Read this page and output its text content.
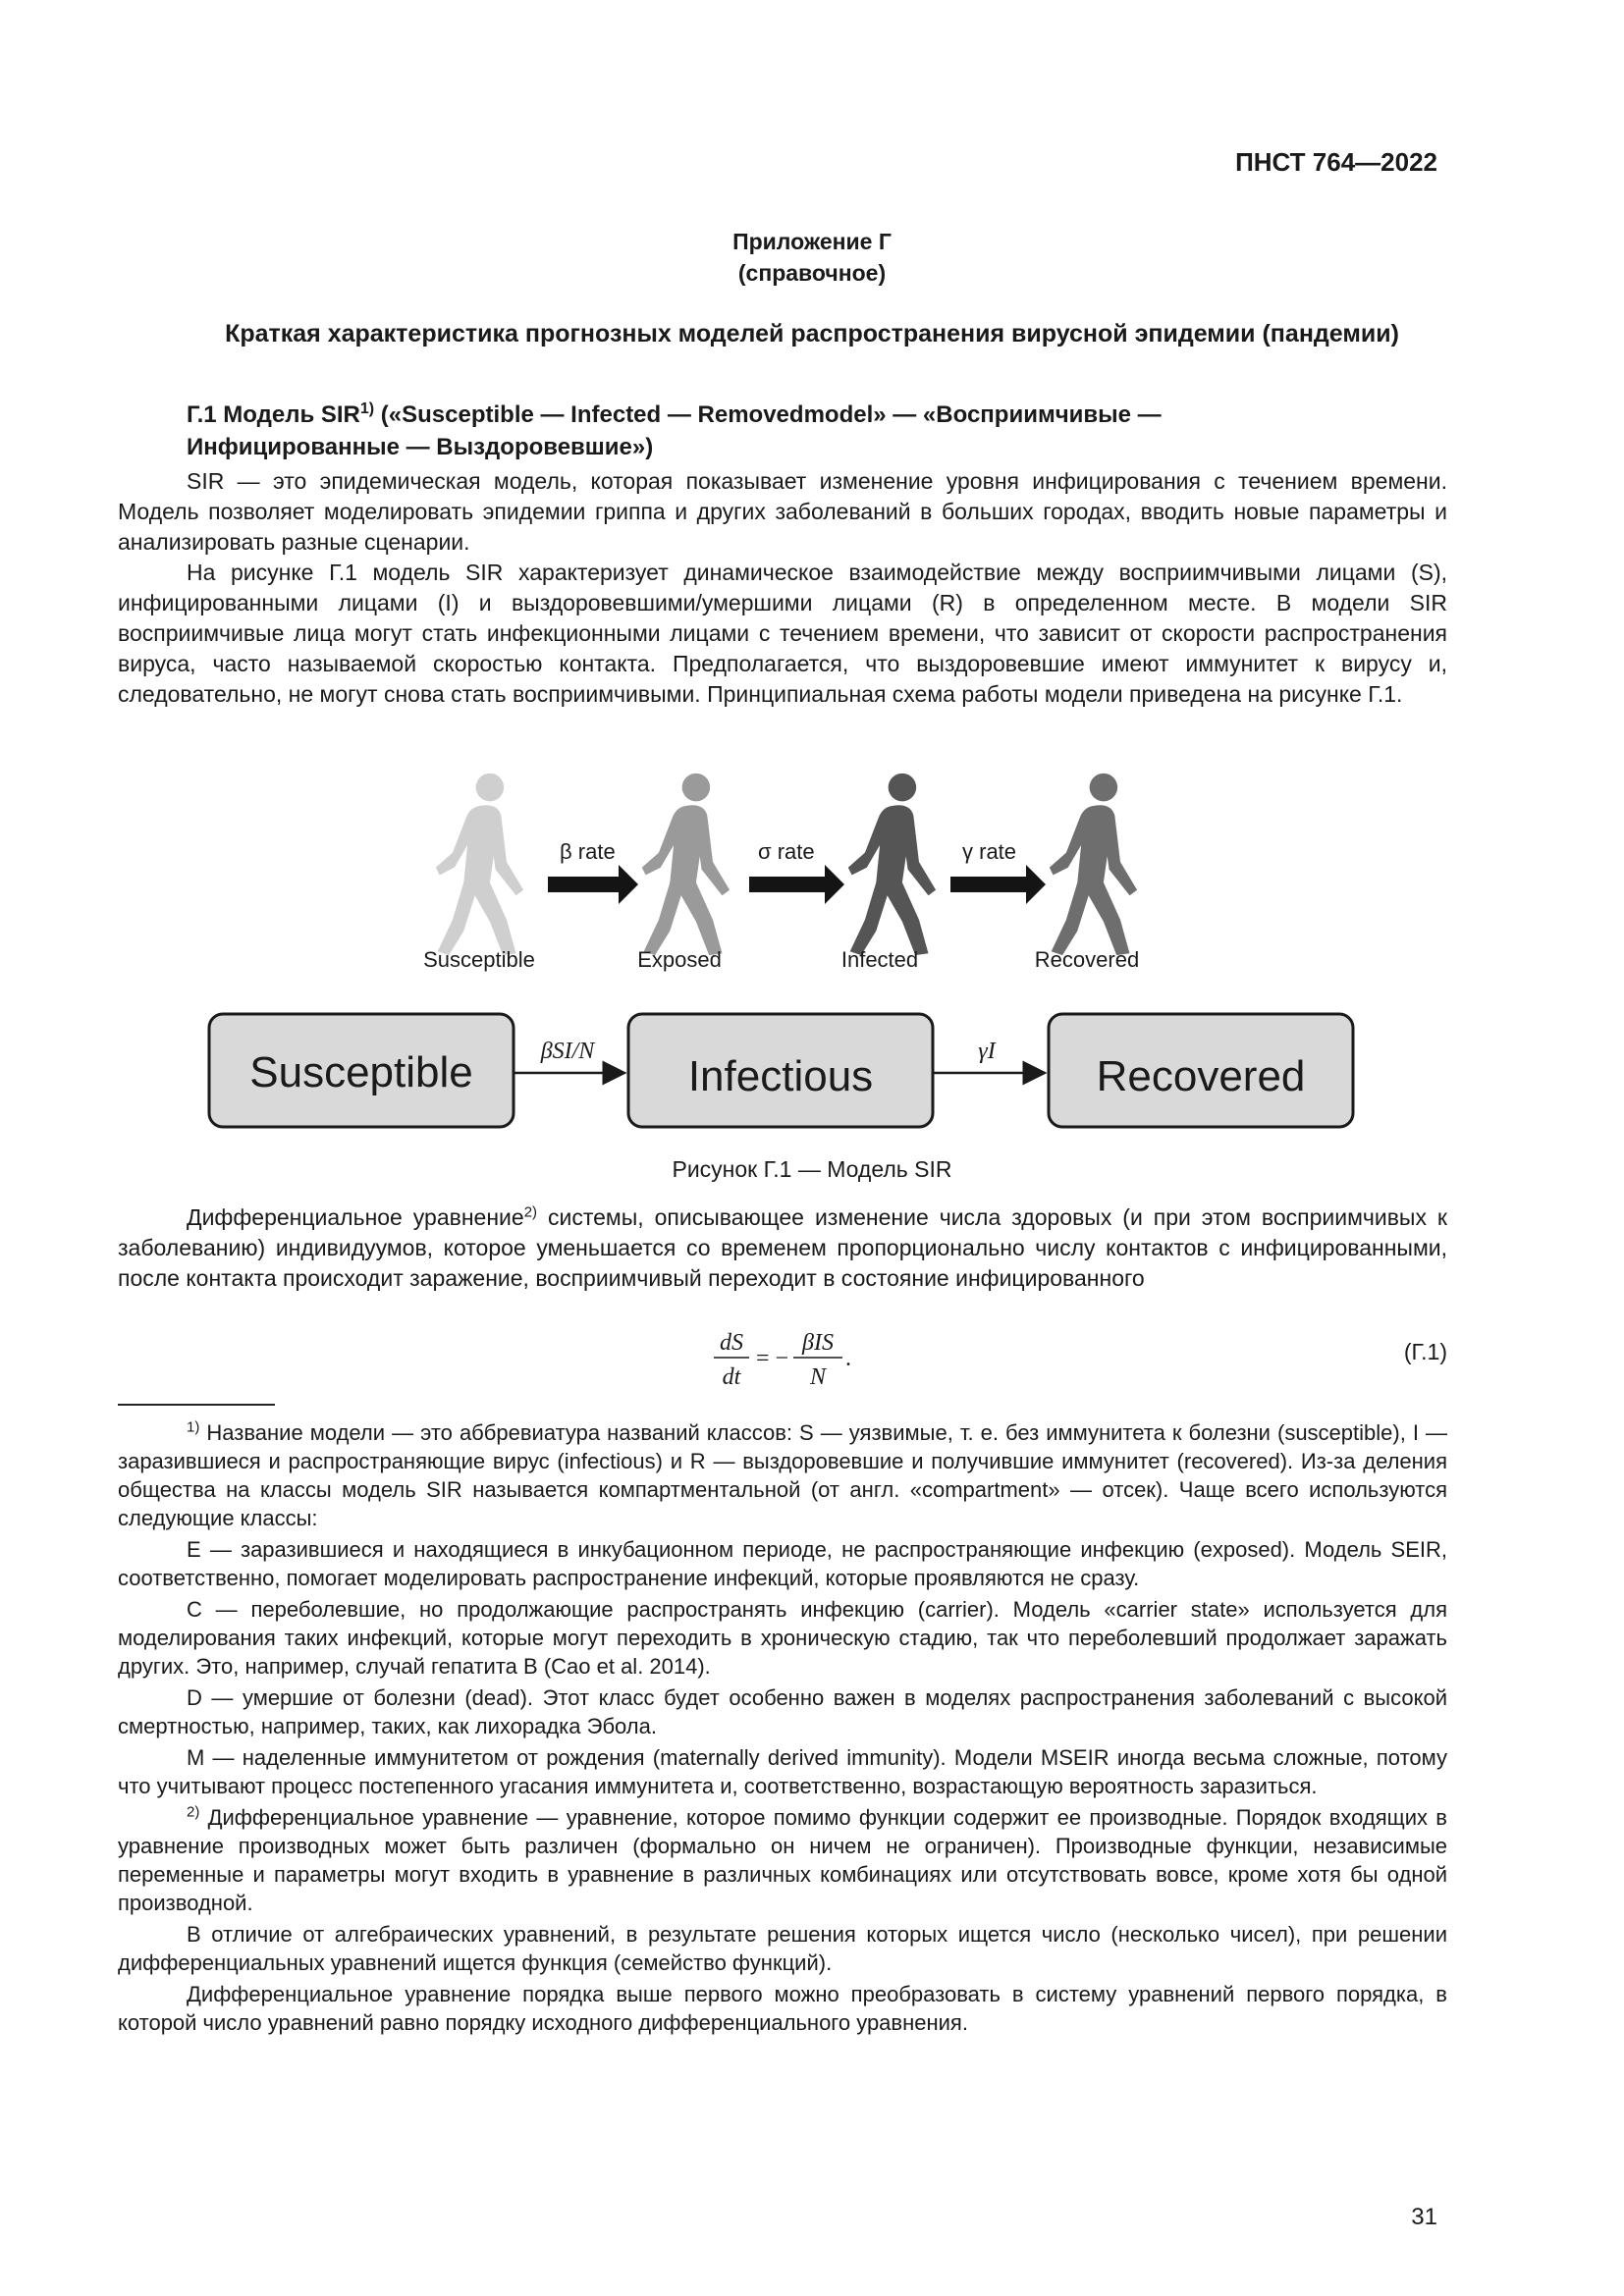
ПНСТ 764—2022
Приложение Г
(справочное)
Краткая характеристика прогнозных моделей распространения вирусной эпидемии (пандемии)
Г.1 Модель SIR$^{1)}$ («Susceptible — Infected — Removedmodel» — «Восприимчивые —
Инфицированные — Выздоровевшие»)

SIR — это эпидемическая модель, которая показывает изменение уровня инфицирования с течением времени. Модель позволяет моделировать эпидемии гриппа и других заболеваний в больших городах, вводить новые параметры и анализировать разные сценарии.

На рисунке Г.1 модель SIR характеризует динамическое взаимодействие между восприимчивыми лицами (S), инфицированными лицами (I) и выздоровевшими/умершими лицами (R) в определенном месте. В модели SIR восприимчивые лица могут стать инфекционными лицами с течением времени, что зависит от скорости распространения вируса, часто называемой скоростью контакта. Предполагается, что выздоровевшие имеют иммунитет к вирусу и, следовательно, не могут снова стать восприимчивыми. Принципиальная схема работы модели приведена на рисунке Г.1.

β rate	σ rate	γ rate
Susceptible	Exposed	Infected	Recovered
Susceptible	Infectious	Recovered
βSI/N	γI
Рисунок Г.1 — Модель SIR

Дифференциальное уравнение$^{2)}$ системы, описывающее изменение числа здоровых (и при этом восприимчивых к заболеванию) индивидуумов, которое уменьшается со временем пропорционально числу контактов с инфицированными, после контакта происходит заражение, восприимчивый переходит в состояние инфицированного

dS
dt
= −
βIS
N
.	(Г.1)

$^{1)}$ Название модели — это аббревиатура названий классов: S — уязвимые, т. е. без иммунитета к болезни (susceptible), I — заразившиеся и распространяющие вирус (infectious) и R — выздоровевшие и получившие иммунитет (recovered). Из-за деления общества на классы модель SIR называется компартментальной (от англ. «compartment» — отсек). Чаще всего используются следующие классы:

E — заразившиеся и находящиеся в инкубационном периоде, не распространяющие инфекцию (exposed). Модель SEIR, соответственно, помогает моделировать распространение инфекций, которые проявляются не сразу.

C — переболевшие, но продолжающие распространять инфекцию (carrier). Модель «carrier state» используется для моделирования таких инфекций, которые могут переходить в хроническую стадию, так что переболевший продолжает заражать других. Это, например, случай гепатита B (Cao et al. 2014).

D — умершие от болезни (dead). Этот класс будет особенно важен в моделях распространения заболеваний с высокой смертностью, например, таких, как лихорадка Эбола.

M — наделенные иммунитетом от рождения (maternally derived immunity). Модели MSEIR иногда весьма сложные, потому что учитывают процесс постепенного угасания иммунитета и, соответственно, возрастающую вероятность заразиться.

$^{2)}$ Дифференциальное уравнение — уравнение, которое помимо функции содержит ее производные. Порядок входящих в уравнение производных может быть различен (формально он ничем не ограничен). Производные функции, независимые переменные и параметры могут входить в уравнение в различных комбинациях или отсутствовать вовсе, кроме хотя бы одной производной.

В отличие от алгебраических уравнений, в результате решения которых ищется число (несколько чисел), при решении дифференциальных уравнений ищется функция (семейство функций).

Дифференциальное уравнение порядка выше первого можно преобразовать в систему уравнений первого порядка, в которой число уравнений равно порядку исходного дифференциального уравнения.

31
